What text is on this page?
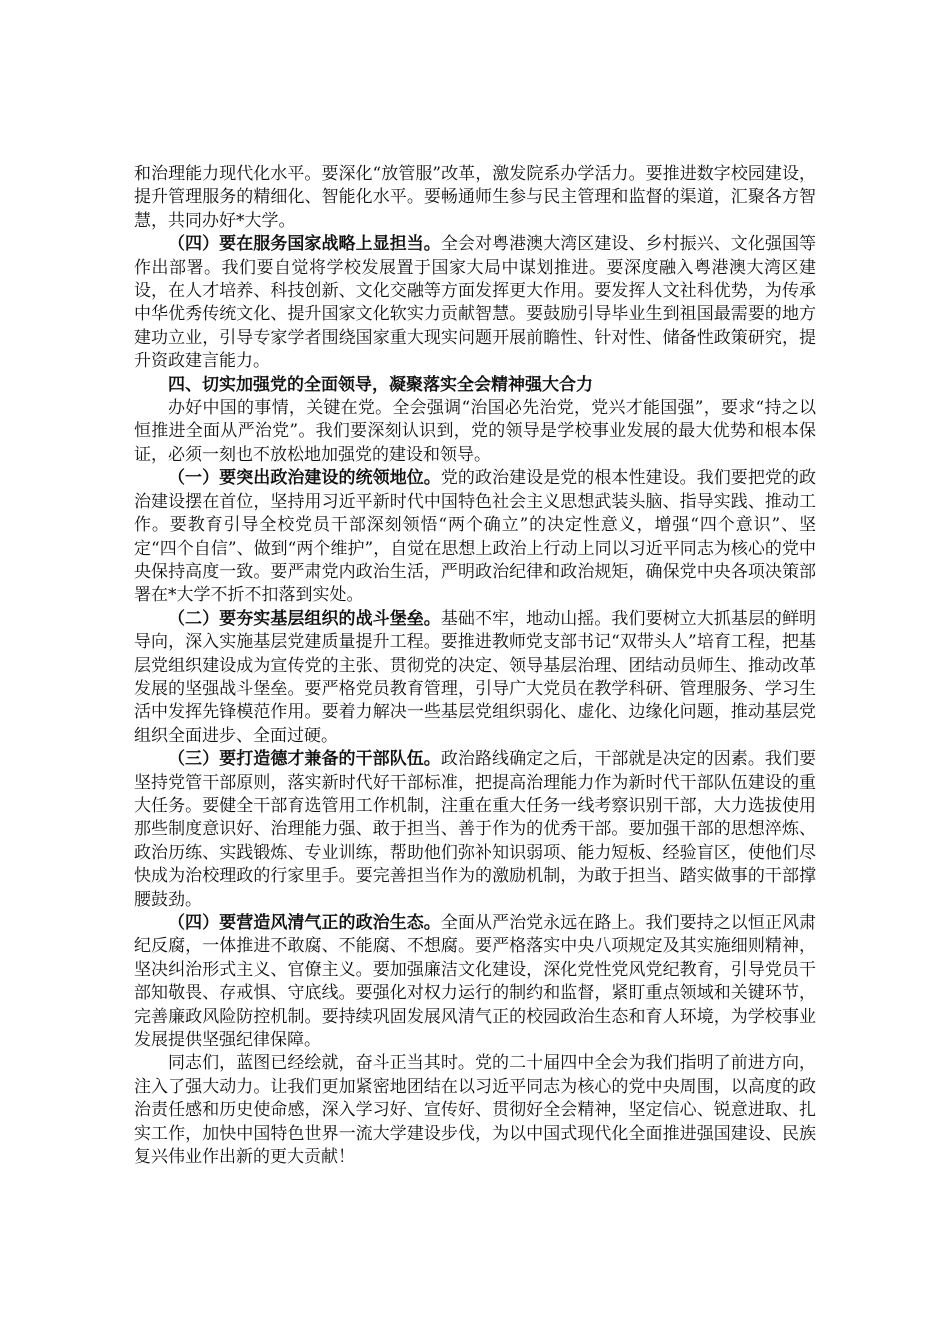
和治理能力现代化水平。要深化“放管服”改革，激发院系办学活力。要推进数字校园建设，提升管理服务的精细化、智能化水平。要畅通师生参与民主管理和监督的渠道，汇聚各方智慧，共同办好*大学。

（四）要在服务国家战略上显担当。全会对粤港澳大湾区建设、乡村振兴、文化强国等作出部署。我们要自觉将学校发展置于国家大局中谋划推进。要深度融入粤港澳大湾区建设，在人才培养、科技创新、文化交融等方面发挥更大作用。要发挥人文社科优势，为传承中华优秀传统文化、提升国家文化软实力贡献智慧。要鼓励引导毕业生到祖国最需要的地方建功立业，引导专家学者围绕国家重大现实问题开展前瞻性、针对性、储备性政策研究，提升资政建言能力。

四、切实加强党的全面领导，凝聚落实全会精神强大合力

办好中国的事情，关键在党。全会强调“治国必先治党，党兴才能国强”，要求“持之以恒推进全面从严治党”。我们要深刻认识到，党的领导是学校事业发展的最大优势和根本保证，必须一刻也不放松地加强党的建设和领导。

（一）要突出政治建设的统领地位。党的政治建设是党的根本性建设。我们要把党的政治建设摆在首位，坚持用习近平新时代中国特色社会主义思想武装头脑、指导实践、推动工作。要教育引导全校党员干部深刻领悟“两个确立”的决定性意义，增强“四个意识”、坚定“四个自信”、做到“两个维护”，自觉在思想上政治上行动上同以习近平同志为核心的党中央保持高度一致。要严肃党内政治生活，严明政治纪律和政治规矩，确保党中央各项决策部署在*大学不折不扣落到实处。

（二）要夯实基层组织的战斗堡垒。基础不牢，地动山摇。我们要树立大抓基层的鲜明导向，深入实施基层党建质量提升工程。要推进教师党支部书记“双带头人”培育工程，把基层党组织建设成为宣传党的主张、贯彻党的决定、领导基层治理、团结动员师生、推动改革发展的坚强战斗堡垒。要严格党员教育管理，引导广大党员在教学科研、管理服务、学习生活中发挥先锋模范作用。要着力解决一些基层党组织弱化、虚化、边缘化问题，推动基层党组织全面进步、全面过硬。

（三）要打造德才兼备的干部队伍。政治路线确定之后，干部就是决定的因素。我们要坚持党管干部原则，落实新时代好干部标准，把提高治理能力作为新时代干部队伍建设的重大任务。要健全干部育选管用工作机制，注重在重大任务一线考察识别干部，大力选拔使用那些制度意识好、治理能力强、敢于担当、善于作为的优秀干部。要加强干部的思想淬炼、政治历练、实践锻炼、专业训练，帮助他们弥补知识弱项、能力短板、经验盲区，使他们尽快成为治校理政的行家里手。要完善担当作为的激励机制，为敢于担当、踏实做事的干部撑腰鼓劲。

（四）要营造风清气正的政治生态。全面从严治党永远在路上。我们要持之以恒正风肃纪反腐，一体推进不敢腐、不能腐、不想腐。要严格落实中央八项规定及其实施细则精神，坚决纠治形式主义、官僚主义。要加强廉洁文化建设，深化党性党风党纪教育，引导党员干部知敬畏、存戒惧、守底线。要强化对权力运行的制约和监督，紧盯重点领域和关键环节，完善廉政风险防控机制。要持续巩固发展风清气正的校园政治生态和育人环境，为学校事业发展提供坚强纪律保障。

同志们，蓝图已经绘就，奋斗正当其时。党的二十届四中全会为我们指明了前进方向，注入了强大动力。让我们更加紧密地团结在以习近平同志为核心的党中央周围，以高度的政治责任感和历史使命感，深入学习好、宣传好、贯彻好全会精神，坚定信心、锐意进取、扎实工作，加快中国特色世界一流大学建设步伐，为以中国式现代化全面推进强国建设、民族复兴伟业作出新的更大贡献！
